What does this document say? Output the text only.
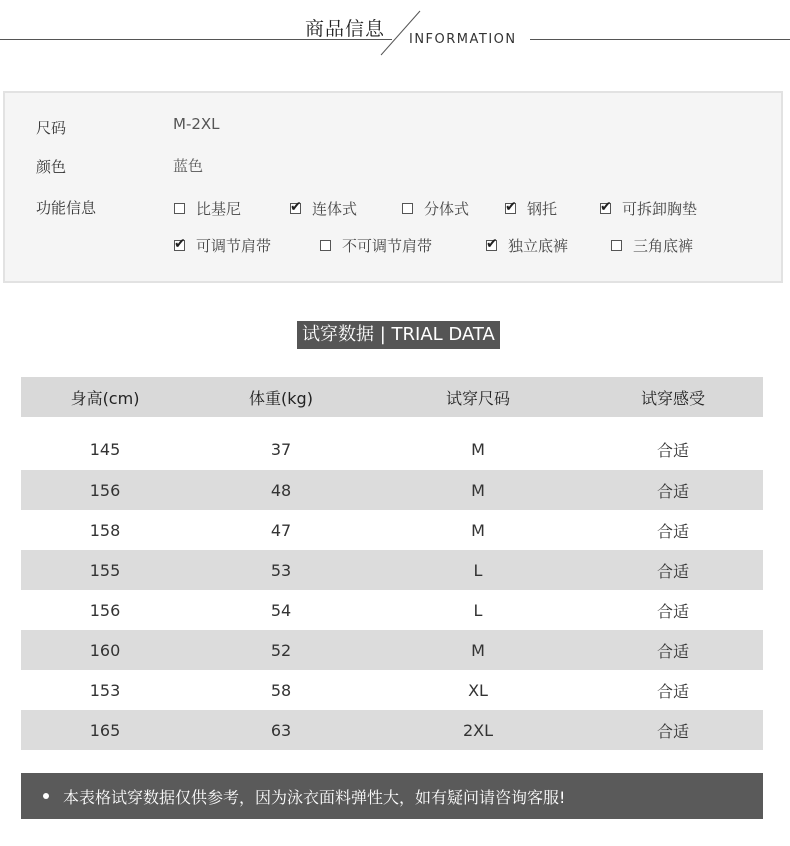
商品信息 INFORMATION
尺码	M-2XL
颜色	蓝色
功能信息	比基尼	✔ 连体式	分体式	✔ 钢托	✔ 可拆卸胸垫
✔ 可调节肩带	不可调节肩带	✔ 独立底裤	三角底裤
试穿数据 | TRIAL DATA
身高(cm)	体重(kg)	试穿尺码	试穿感受
145	37	M	合适
156	48	M	合适
158	47	M	合适
155	53	L	合适
156	54	L	合适
160	52	M	合适
153	58	XL	合适
165	63	2XL	合适
本表格试穿数据仅供参考，因为泳衣面料弹性大，如有疑问请咨询客服!
